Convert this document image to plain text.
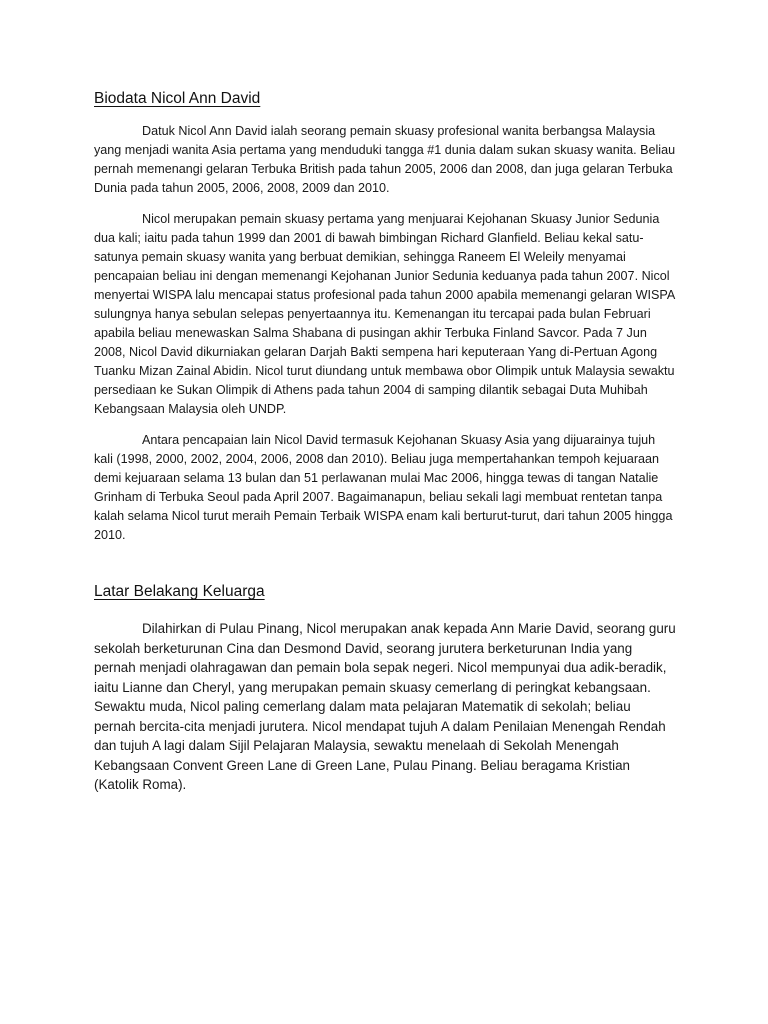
Biodata Nicol Ann David

Datuk Nicol Ann David ialah seorang pemain skuasy profesional wanita berbangsa Malaysia yang menjadi wanita Asia pertama yang menduduki tangga #1 dunia dalam sukan skuasy wanita. Beliau pernah memenangi gelaran Terbuka British pada tahun 2005, 2006 dan 2008, dan juga gelaran Terbuka Dunia pada tahun 2005, 2006, 2008, 2009 dan 2010.

Nicol merupakan pemain skuasy pertama yang menjuarai Kejohanan Skuasy Junior Sedunia dua kali; iaitu pada tahun 1999 dan 2001 di bawah bimbingan Richard Glanfield. Beliau kekal satu-satunya pemain skuasy wanita yang berbuat demikian, sehingga Raneem El Weleily menyamai pencapaian beliau ini dengan memenangi Kejohanan Junior Sedunia keduanya pada tahun 2007. Nicol menyertai WISPA lalu mencapai status profesional pada tahun 2000 apabila memenangi gelaran WISPA sulungnya hanya sebulan selepas penyertaannya itu. Kemenangan itu tercapai pada bulan Februari apabila beliau menewaskan Salma Shabana di pusingan akhir Terbuka Finland Savcor. Pada 7 Jun 2008, Nicol David dikurniakan gelaran Darjah Bakti sempena hari keputeraan Yang di-Pertuan Agong Tuanku Mizan Zainal Abidin. Nicol turut diundang untuk membawa obor Olimpik untuk Malaysia sewaktu persediaan ke Sukan Olimpik di Athens pada tahun 2004 di samping dilantik sebagai Duta Muhibah Kebangsaan Malaysia oleh UNDP.

Antara pencapaian lain Nicol David termasuk Kejohanan Skuasy Asia yang dijuarainya tujuh kali (1998, 2000, 2002, 2004, 2006, 2008 dan 2010). Beliau juga mempertahankan tempoh kejuaraan demi kejuaraan selama 13 bulan dan 51 perlawanan mulai Mac 2006, hingga tewas di tangan Natalie Grinham di Terbuka Seoul pada April 2007. Bagaimanapun, beliau sekali lagi membuat rentetan tanpa kalah selama Nicol turut meraih Pemain Terbaik WISPA enam kali berturut-turut, dari tahun 2005 hingga 2010.

Latar Belakang Keluarga

Dilahirkan di Pulau Pinang, Nicol merupakan anak kepada Ann Marie David, seorang guru sekolah berketurunan Cina dan Desmond David, seorang jurutera berketurunan India yang pernah menjadi olahragawan dan pemain bola sepak negeri. Nicol mempunyai dua adik-beradik, iaitu Lianne dan Cheryl, yang merupakan pemain skuasy cemerlang di peringkat kebangsaan. Sewaktu muda, Nicol paling cemerlang dalam mata pelajaran Matematik di sekolah; beliau pernah bercita-cita menjadi jurutera. Nicol mendapat tujuh A dalam Penilaian Menengah Rendah dan tujuh A lagi dalam Sijil Pelajaran Malaysia, sewaktu menelaah di Sekolah Menengah Kebangsaan Convent Green Lane di Green Lane, Pulau Pinang. Beliau beragama Kristian (Katolik Roma).
